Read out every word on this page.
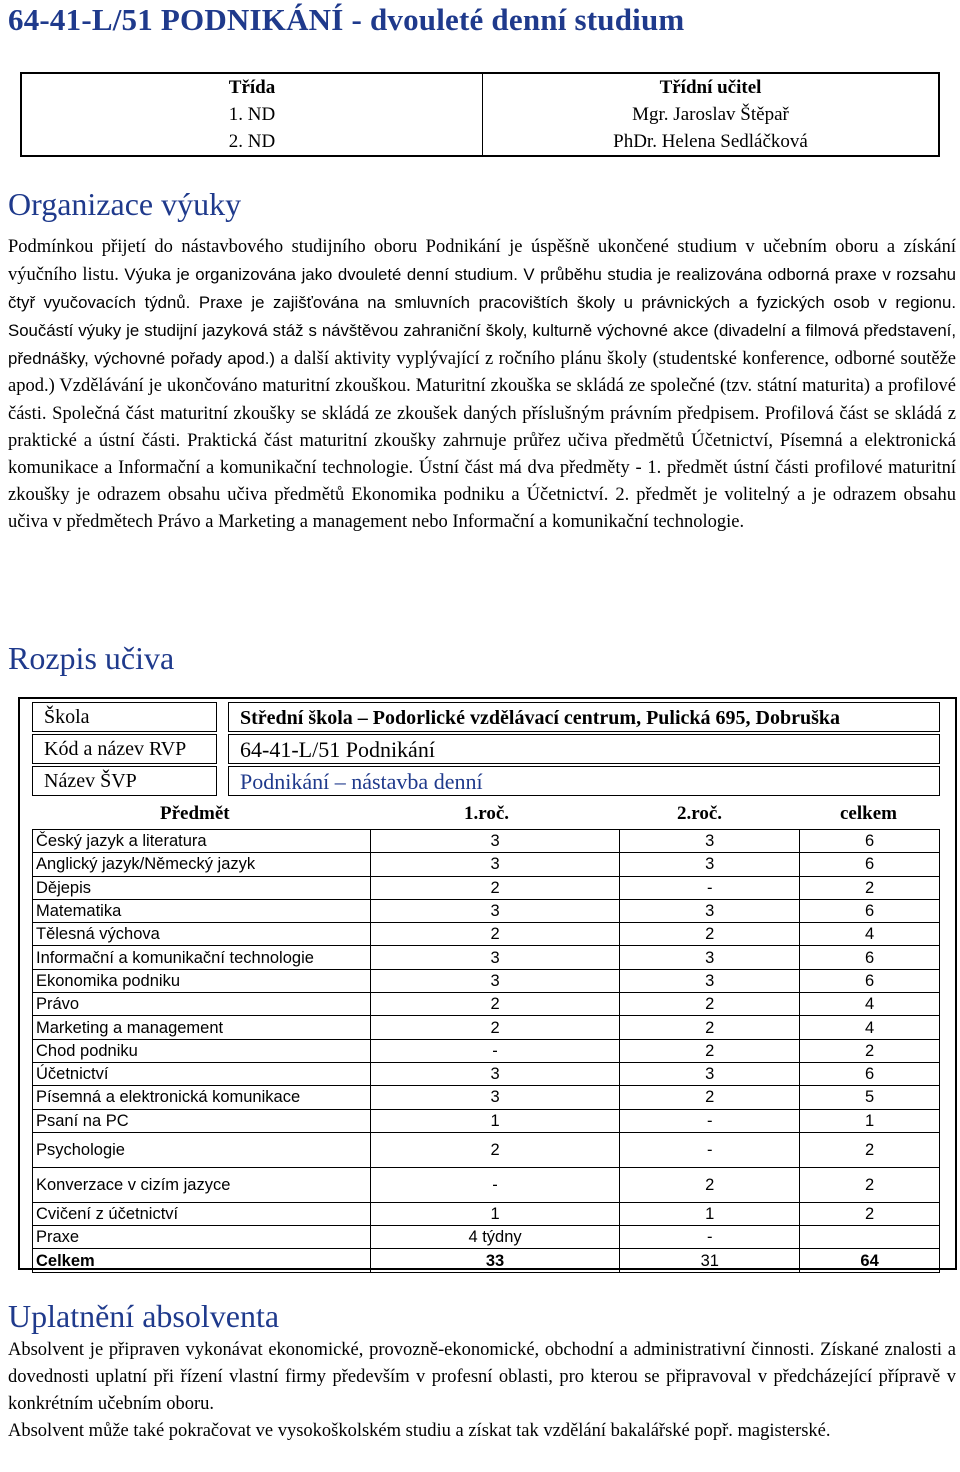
64-41-L/51 PODNIKÁNÍ - dvouleté denní studium
Třída	Třídní učitel
1. ND	Mgr. Jaroslav Štěpař
2. ND	PhDr. Helena Sedláčková
Organizace výuky

Podmínkou přijetí do nástavbového studijního oboru Podnikání je úspěšně ukončené studium v učebním oboru a získání výučního listu. Výuka je organizována jako dvouleté denní studium. V průběhu studia je realizována odborná praxe v rozsahu čtyř vyučovacích týdnů. Praxe je zajišťována na smluvních pracovištích školy u právnických a fyzických osob v regionu. Součástí výuky je studijní jazyková stáž s návštěvou zahraniční školy, kulturně výchovné akce (divadelní a filmová představení, přednášky, výchovné pořady apod.) a další aktivity vyplývající z ročního plánu školy (studentské konference, odborné soutěže apod.) Vzdělávání je ukončováno maturitní zkouškou. Maturitní zkouška se skládá ze společné (tzv. státní maturita) a profilové části. Společná část maturitní zkoušky se skládá ze zkoušek daných příslušným právním předpisem. Profilová část se skládá z praktické a ústní části. Praktická část maturitní zkoušky zahrnuje průřez učiva předmětů Účetnictví, Písemná a elektronická komunikace a Informační a komunikační technologie. Ústní část má dva předměty - 1. předmět ústní části profilové maturitní zkoušky je odrazem obsahu učiva předmětů Ekonomika podniku a Účetnictví. 2. předmět je volitelný a je odrazem obsahu učiva v předmětech Právo a Marketing a management nebo Informační a komunikační technologie.

Rozpis učiva
Škola	Střední škola – Podorlické vzdělávací centrum, Pulická 695, Dobruška
Kód a název RVP	64-41-L/51 Podnikání
Název ŠVP	Podnikání – nástavba denní
Předmět	1.roč.	2.roč.	celkem
Český jazyk a literatura	3	3	6
Anglický jazyk/Německý jazyk	3	3	6
Dějepis	2	-	2
Matematika	3	3	6
Tělesná výchova	2	2	4
Informační a komunikační technologie	3	3	6
Ekonomika podniku	3	3	6
Právo	2	2	4
Marketing a management	2	2	4
Chod podniku	-	2	2
Účetnictví	3	3	6
Písemná a elektronická komunikace	3	2	5
Psaní na PC	1	-	1
Psychologie	2	-	2
Konverzace v cizím jazyce	-	2	2
Cvičení z účetnictví	1	1	2
Praxe	4 týdny	-	
Celkem	33	31	64
Uplatnění absolventa

Absolvent je připraven vykonávat ekonomické, provozně-ekonomické, obchodní a administrativní činnosti. Získané znalosti a dovednosti uplatní při řízení vlastní firmy především v profesní oblasti, pro kterou se připravoval v předcházející přípravě v konkrétním učebním oboru.
Absolvent může také pokračovat ve vysokoškolském studiu a získat tak vzdělání bakalářské popř. magisterské.
